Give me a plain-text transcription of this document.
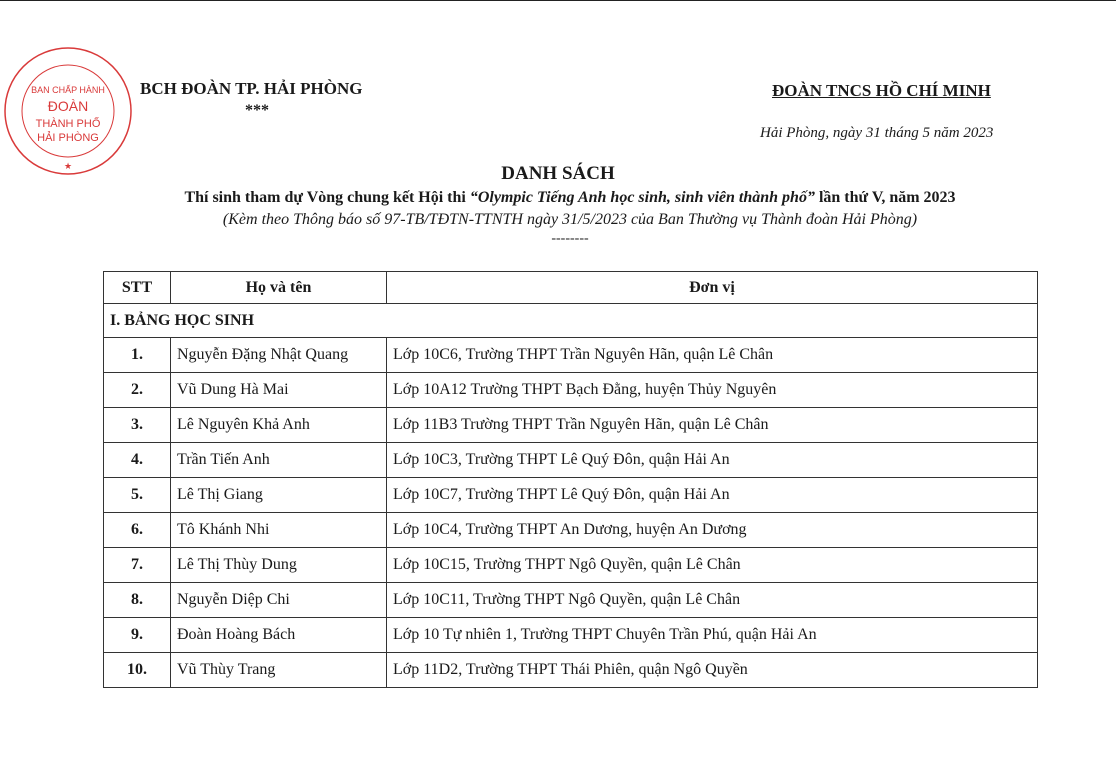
BAN CHẤP HÀNH
ĐOÀN
THÀNH PHỐ
HẢI PHÒNG
★
BCH ĐOÀN TP. HẢI PHÒNG
***
ĐOÀN TNCS HỒ CHÍ MINH
Hải Phòng, ngày 31 tháng 5 năm 2023
DANH SÁCH
Thí sinh tham dự Vòng chung kết Hội thi “Olympic Tiếng Anh học sinh, sinh viên thành phố” lần thứ V, năm 2023
(Kèm theo Thông báo số 97-TB/TĐTN-TTNTH ngày 31/5/2023 của Ban Thường vụ Thành đoàn Hải Phòng)
--------
STT	Họ và tên	Đơn vị
I. BẢNG HỌC SINH		
1.	Nguyễn Đặng Nhật Quang	Lớp 10C6, Trường THPT Trần Nguyên Hãn, quận Lê Chân
2.	Vũ Dung Hà Mai	Lớp 10A12 Trường THPT Bạch Đằng, huyện Thủy Nguyên
3.	Lê Nguyên Khả Anh	Lớp 11B3 Trường THPT Trần Nguyên Hãn, quận Lê Chân
4.	Trần Tiến Anh	Lớp 10C3, Trường THPT Lê Quý Đôn, quận Hải An
5.	Lê Thị Giang	Lớp 10C7, Trường THPT Lê Quý Đôn, quận Hải An
6.	Tô Khánh Nhi	Lớp 10C4, Trường THPT An Dương, huyện An Dương
7.	Lê Thị Thùy Dung	Lớp 10C15, Trường THPT Ngô Quyền, quận Lê Chân
8.	Nguyễn Diệp Chi	Lớp 10C11, Trường THPT Ngô Quyền, quận Lê Chân
9.	Đoàn Hoàng Bách	Lớp 10 Tự nhiên 1, Trường THPT Chuyên Trần Phú, quận Hải An
10.	Vũ Thùy Trang	Lớp 11D2, Trường THPT Thái Phiên, quận Ngô Quyền
